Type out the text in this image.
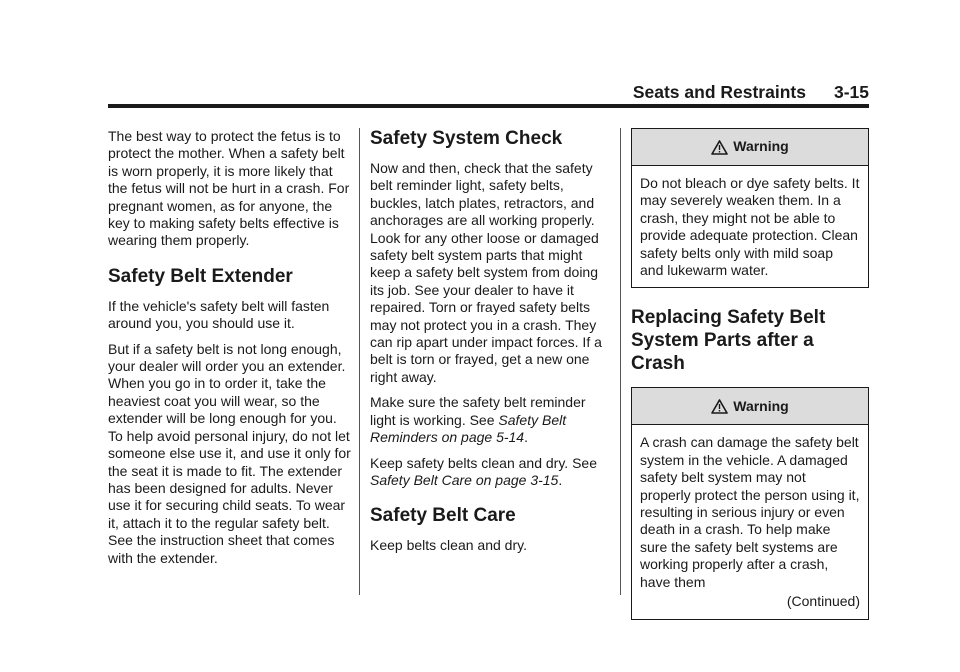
Seats and Restraints 3-15

The best way to protect the fetus is to protect the mother. When a safety belt is worn properly, it is more likely that the fetus will not be hurt in a crash. For pregnant women, as for anyone, the key to making safety belts effective is wearing them properly.

Safety Belt Extender

If the vehicle's safety belt will fasten around you, you should use it.

But if a safety belt is not long enough, your dealer will order you an extender. When you go in to order it, take the heaviest coat you will wear, so the extender will be long enough for you. To help avoid personal injury, do not let someone else use it, and use it only for the seat it is made to fit. The extender has been designed for adults. Never use it for securing child seats. To wear it, attach it to the regular safety belt. See the instruction sheet that comes with the extender.

Safety System Check

Now and then, check that the safety belt reminder light, safety belts, buckles, latch plates, retractors, and anchorages are all working properly. Look for any other loose or damaged safety belt system parts that might keep a safety belt system from doing its job. See your dealer to have it repaired. Torn or frayed safety belts may not protect you in a crash. They can rip apart under impact forces. If a belt is torn or frayed, get a new one right away.

Make sure the safety belt reminder light is working. See Safety Belt Reminders on page 5-14.

Keep safety belts clean and dry. See Safety Belt Care on page 3-15.

Safety Belt Care

Keep belts clean and dry.

Warning
Do not bleach or dye safety belts. It may severely weaken them. In a crash, they might not be able to provide adequate protection. Clean safety belts only with mild soap and lukewarm water.
Replacing Safety Belt System Parts after a Crash
Warning
A crash can damage the safety belt system in the vehicle. A damaged safety belt system may not properly protect the person using it, resulting in serious injury or even death in a crash. To help make sure the safety belt systems are working properly after a crash, have them
(Continued)
